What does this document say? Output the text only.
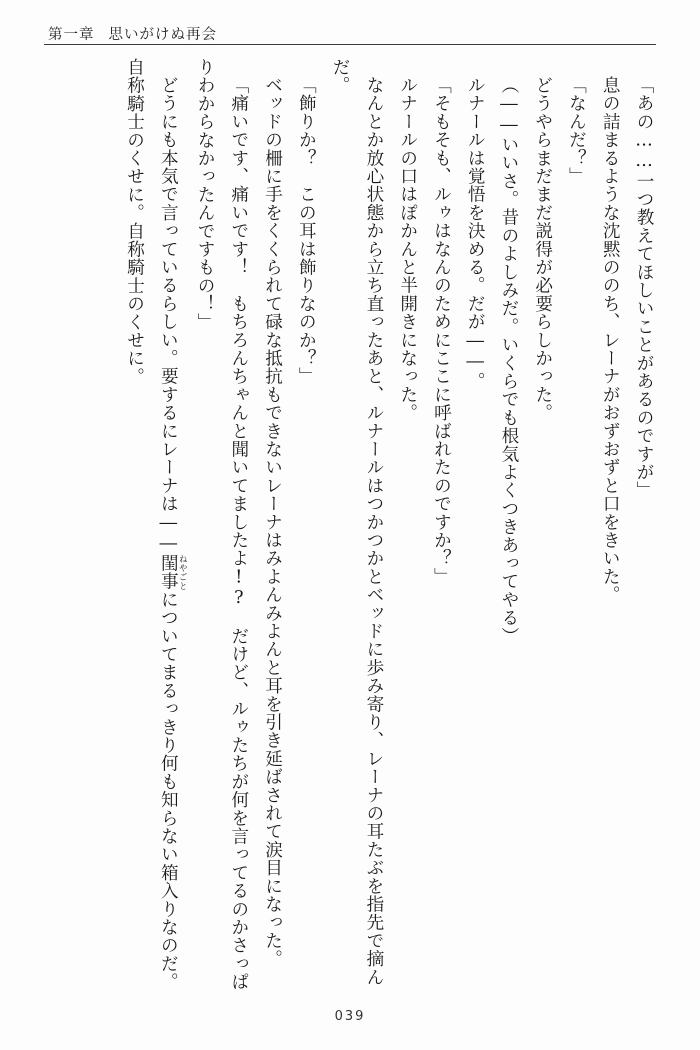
第一章 思いがけぬ再会

「あの……一つ教えてほしいことがあるのですが」

息の詰まるような沈黙ののち、レーナがおずおずと口をきいた。

「なんだ？」

どうやらまだまだ説得が必要らしかった。

（――いいさ。昔のよしみだ。いくらでも根気よくつきあってやる）

ルナールは覚悟を決める。だが――。

「そもそも、ルゥはなんのためにここに呼ばれたのですか？」

ルナールの口はぽかんと半開きになった。

なんとか放心状態から立ち直ったあと、ルナールはつかつかとベッドに歩み寄り、レーナの耳たぶを指先で摘んだ。

「飾りか？　この耳は飾りなのか？」

ベッドの柵に手をくくられて碌な抵抗もできないレーナはみよんみよんと耳を引き延ばされて涙目になった。

「痛いです、痛いです！　もちろんちゃんと聞いてましたよ!?　だけど、ルゥたちが何を言ってるのかさっぱりわからなかったんですもの！」

どうにも本気で言っているらしい。要するにレーナは――閨事 ねやごとについてまるっきり何も知らない箱入りなのだ。自称騎士のくせに。自称騎士のくせに。

039
